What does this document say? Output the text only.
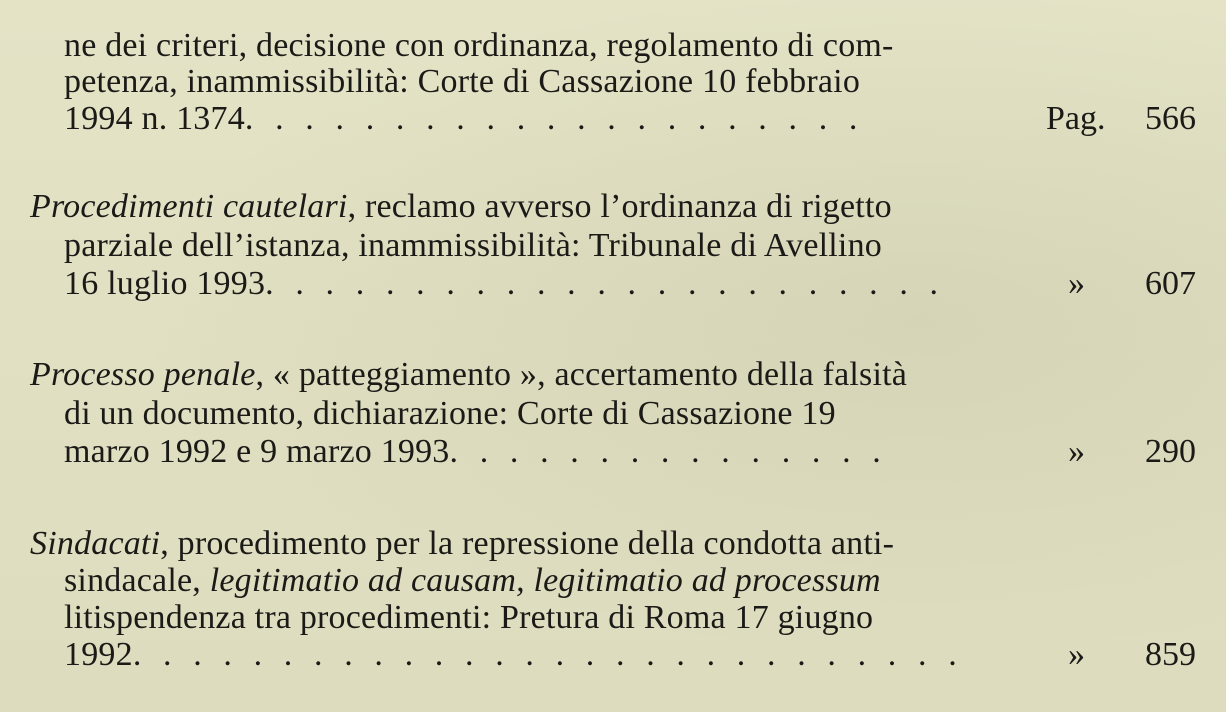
ne dei criteri, decisione con ordinanza, regolamento di com-
petenza, inammissibilità: Corte di Cassazione 10 febbraio
1994 n. 1374. . . . . . . . . . . . . . . . . . . . .	Pag. 566
Procedimenti cautelari, reclamo avverso l’ordinanza di rigetto
parziale dell’istanza, inammissibilità: Tribunale di Avellino
16 luglio 1993. . . . . . . . . . . . . . . . . . . . . . .	» 607
Processo penale, « patteggiamento », accertamento della falsità
di un documento, dichiarazione: Corte di Cassazione 19
marzo 1992 e 9 marzo 1993. . . . . . . . . . . . . . .	» 290
Sindacati, procedimento per la repressione della condotta anti-
sindacale, legitimatio ad causam, legitimatio ad processum
litispendenza tra procedimenti: Pretura di Roma 17 giugno
1992. . . . . . . . . . . . . . . . . . . . . . . . . . . .	» 859
